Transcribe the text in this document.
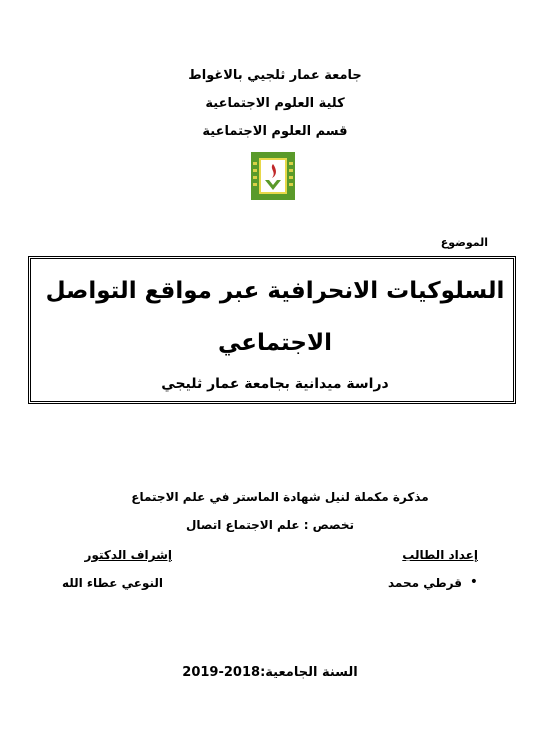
جامعة عمار ثلجيي بالاغواط
كلية العلوم الاجتماعية
قسم العلوم الاجتماعية
الموضوع
السلوكيات الانحرافية عبر مواقع التواصل
الاجتماعي
دراسة ميدانية بجامعة عمار ثليجي
مذكرة مكملة لنيل شهادة الماستر في علم الاجتماع
تخصص : علم الاجتماع اتصال
إعداد الطالب
إشراف الدكتور
•
قرطي محمد
النوعي عطاء الله
السنة الجامعية:2018-2019
